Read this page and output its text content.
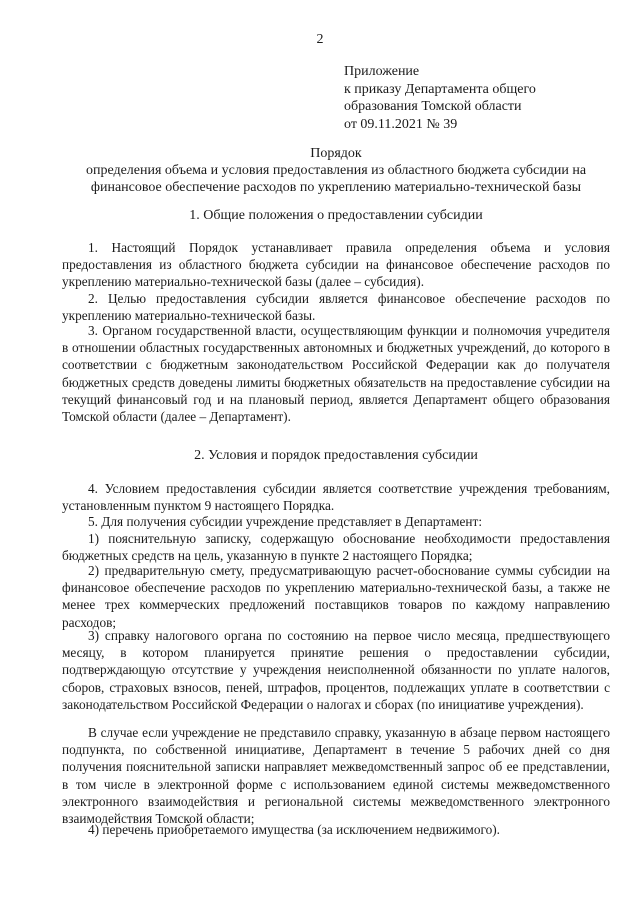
2
Приложение
к приказу Департамента общего
образования Томской области
от 09.11.2021 № 39
Порядок
определения объема и условия предоставления из областного бюджета субсидии на
финансовое обеспечение расходов по укреплению материально-технической базы
1. Общие положения о предоставлении субсидии

1. Настоящий Порядок устанавливает правила определения объема и условия предоставления из областного бюджета субсидии на финансовое обеспечение расходов по укреплению материально-технической базы (далее – субсидия).

2. Целью предоставления субсидии является финансовое обеспечение расходов по укреплению материально-технической базы.

3. Органом государственной власти, осуществляющим функции и полномочия учредителя в отношении областных государственных автономных и бюджетных учреждений, до которого в соответствии с бюджетным законодательством Российской Федерации как до получателя бюджетных средств доведены лимиты бюджетных обязательств на предоставление субсидии на текущий финансовый год и на плановый период, является Департамент общего образования Томской области (далее – Департамент).

2. Условия и порядок предоставления субсидии

4. Условием предоставления субсидии является соответствие учреждения требованиям, установленным пунктом 9 настоящего Порядка.

5. Для получения субсидии учреждение представляет в Департамент:

1) пояснительную записку, содержащую обоснование необходимости предоставления бюджетных средств на цель, указанную в пункте 2 настоящего Порядка;

2) предварительную смету, предусматривающую расчет-обоснование суммы субсидии на финансовое обеспечение расходов по укреплению материально-технической базы, а также не менее трех коммерческих предложений поставщиков товаров по каждому направлению расходов;

3) справку налогового органа по состоянию на первое число месяца, предшествующего месяцу, в котором планируется принятие решения о предоставлении субсидии, подтверждающую отсутствие у учреждения неисполненной обязанности по уплате налогов, сборов, страховых взносов, пеней, штрафов, процентов, подлежащих уплате в соответствии с законодательством Российской Федерации о налогах и сборах (по инициативе учреждения).

В случае если учреждение не представило справку, указанную в абзаце первом настоящего подпункта, по собственной инициативе, Департамент в течение 5 рабочих дней со дня получения пояснительной записки направляет межведомственный запрос об ее представлении, в том числе в электронной форме с использованием единой системы межведомственного электронного взаимодействия и региональной системы межведомственного электронного взаимодействия Томской области;

4) перечень приобретаемого имущества (за исключением недвижимого).
